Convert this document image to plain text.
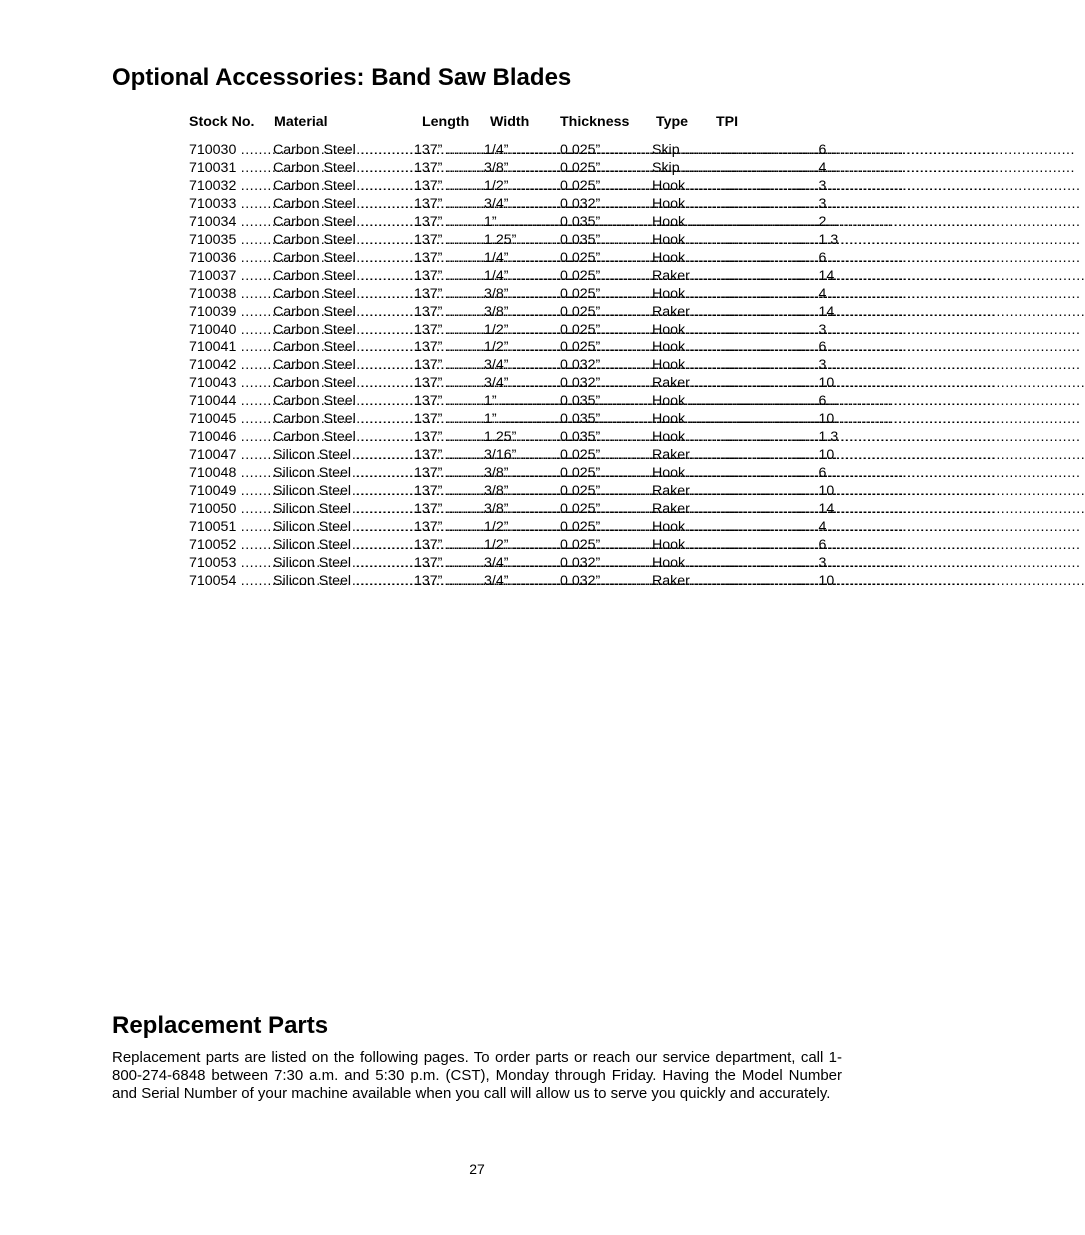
Optional Accessories: Band Saw Blades
Stock No.	Material	Length	Width	Thickness	Type	TPI

710030 .....	Carbon Steel .....	137” .....	1/4” .....	0.025” .....	Skip .....	.......................... 6

710031 .....	Carbon Steel .....	137” .....	3/8” .....	0.025” .....	Skip .....	.......................... 4

710032 .....	Carbon Steel .....	137” .....	1/2” .....	0.025” .....	Hook .....	.......................... 3

710033 .....	Carbon Steel .....	137” .....	3/4” .....	0.032” .....	Hook .....	.......................... 3

710034 .....	Carbon Steel .....	137” .....	1” .....	0.035” .....	Hook .....	.......................... 2

710035 .....	Carbon Steel .....	137” .....	1.25” .....	0.035” .....	Hook .....	.......................... 1.3

710036 .....	Carbon Steel .....	137” .....	1/4” .....	0.025” .....	Hook .....	.......................... 6

710037 .....	Carbon Steel .....	137” .....	1/4” .....	0.025” .....	Raker .....	.......................... 14

710038 .....	Carbon Steel .....	137” .....	3/8” .....	0.025” .....	Hook .....	.......................... 4

710039 .....	Carbon Steel .....	137” .....	3/8” .....	0.025” .....	Raker .....	.......................... 14

710040 .....	Carbon Steel .....	137” .....	1/2” .....	0.025” .....	Hook .....	.......................... 3

710041 .....	Carbon Steel .....	137” .....	1/2” .....	0.025” .....	Hook .....	.......................... 6

710042 .....	Carbon Steel .....	137” .....	3/4” .....	0.032” .....	Hook .....	.......................... 3

710043 .....	Carbon Steel .....	137” .....	3/4” .....	0.032” .....	Raker .....	.......................... 10

710044 .....	Carbon Steel .....	137” .....	1” .....	0.035” .....	Hook .....	.......................... 6

710045 .....	Carbon Steel .....	137” .....	1” .....	0.035” .....	Hook .....	.......................... 10

710046 .....	Carbon Steel .....	137” .....	1.25” .....	0.035” .....	Hook .....	.......................... 1.3

710047 .....	Silicon Steel .....	137” .....	3/16” .....	0.025” .....	Raker .....	.......................... 10

710048 .....	Silicon Steel .....	137” .....	3/8” .....	0.025” .....	Hook .....	.......................... 6

710049 .....	Silicon Steel .....	137” .....	3/8” .....	0.025” .....	Raker .....	.......................... 10

710050 .....	Silicon Steel .....	137” .....	3/8” .....	0.025” .....	Raker .....	.......................... 14

710051 .....	Silicon Steel .....	137” .....	1/2” .....	0.025” .....	Hook .....	.......................... 4

710052 .....	Silicon Steel .....	137” .....	1/2” .....	0.025” .....	Hook .....	.......................... 6

710053 .....	Silicon Steel .....	137” .....	3/4” .....	0.032” .....	Hook .....	.......................... 3

710054 .....	Silicon Steel .....	137” .....	3/4” .....	0.032” .....	Raker .....	.......................... 10
Replacement Parts

Replacement parts are listed on the following pages. To order parts or reach our service department, call 1-800-274-6848 between 7:30 a.m. and 5:30 p.m. (CST), Monday through Friday. Having the Model Number and Serial Number of your machine available when you call will allow us to serve you quickly and accurately.

27
